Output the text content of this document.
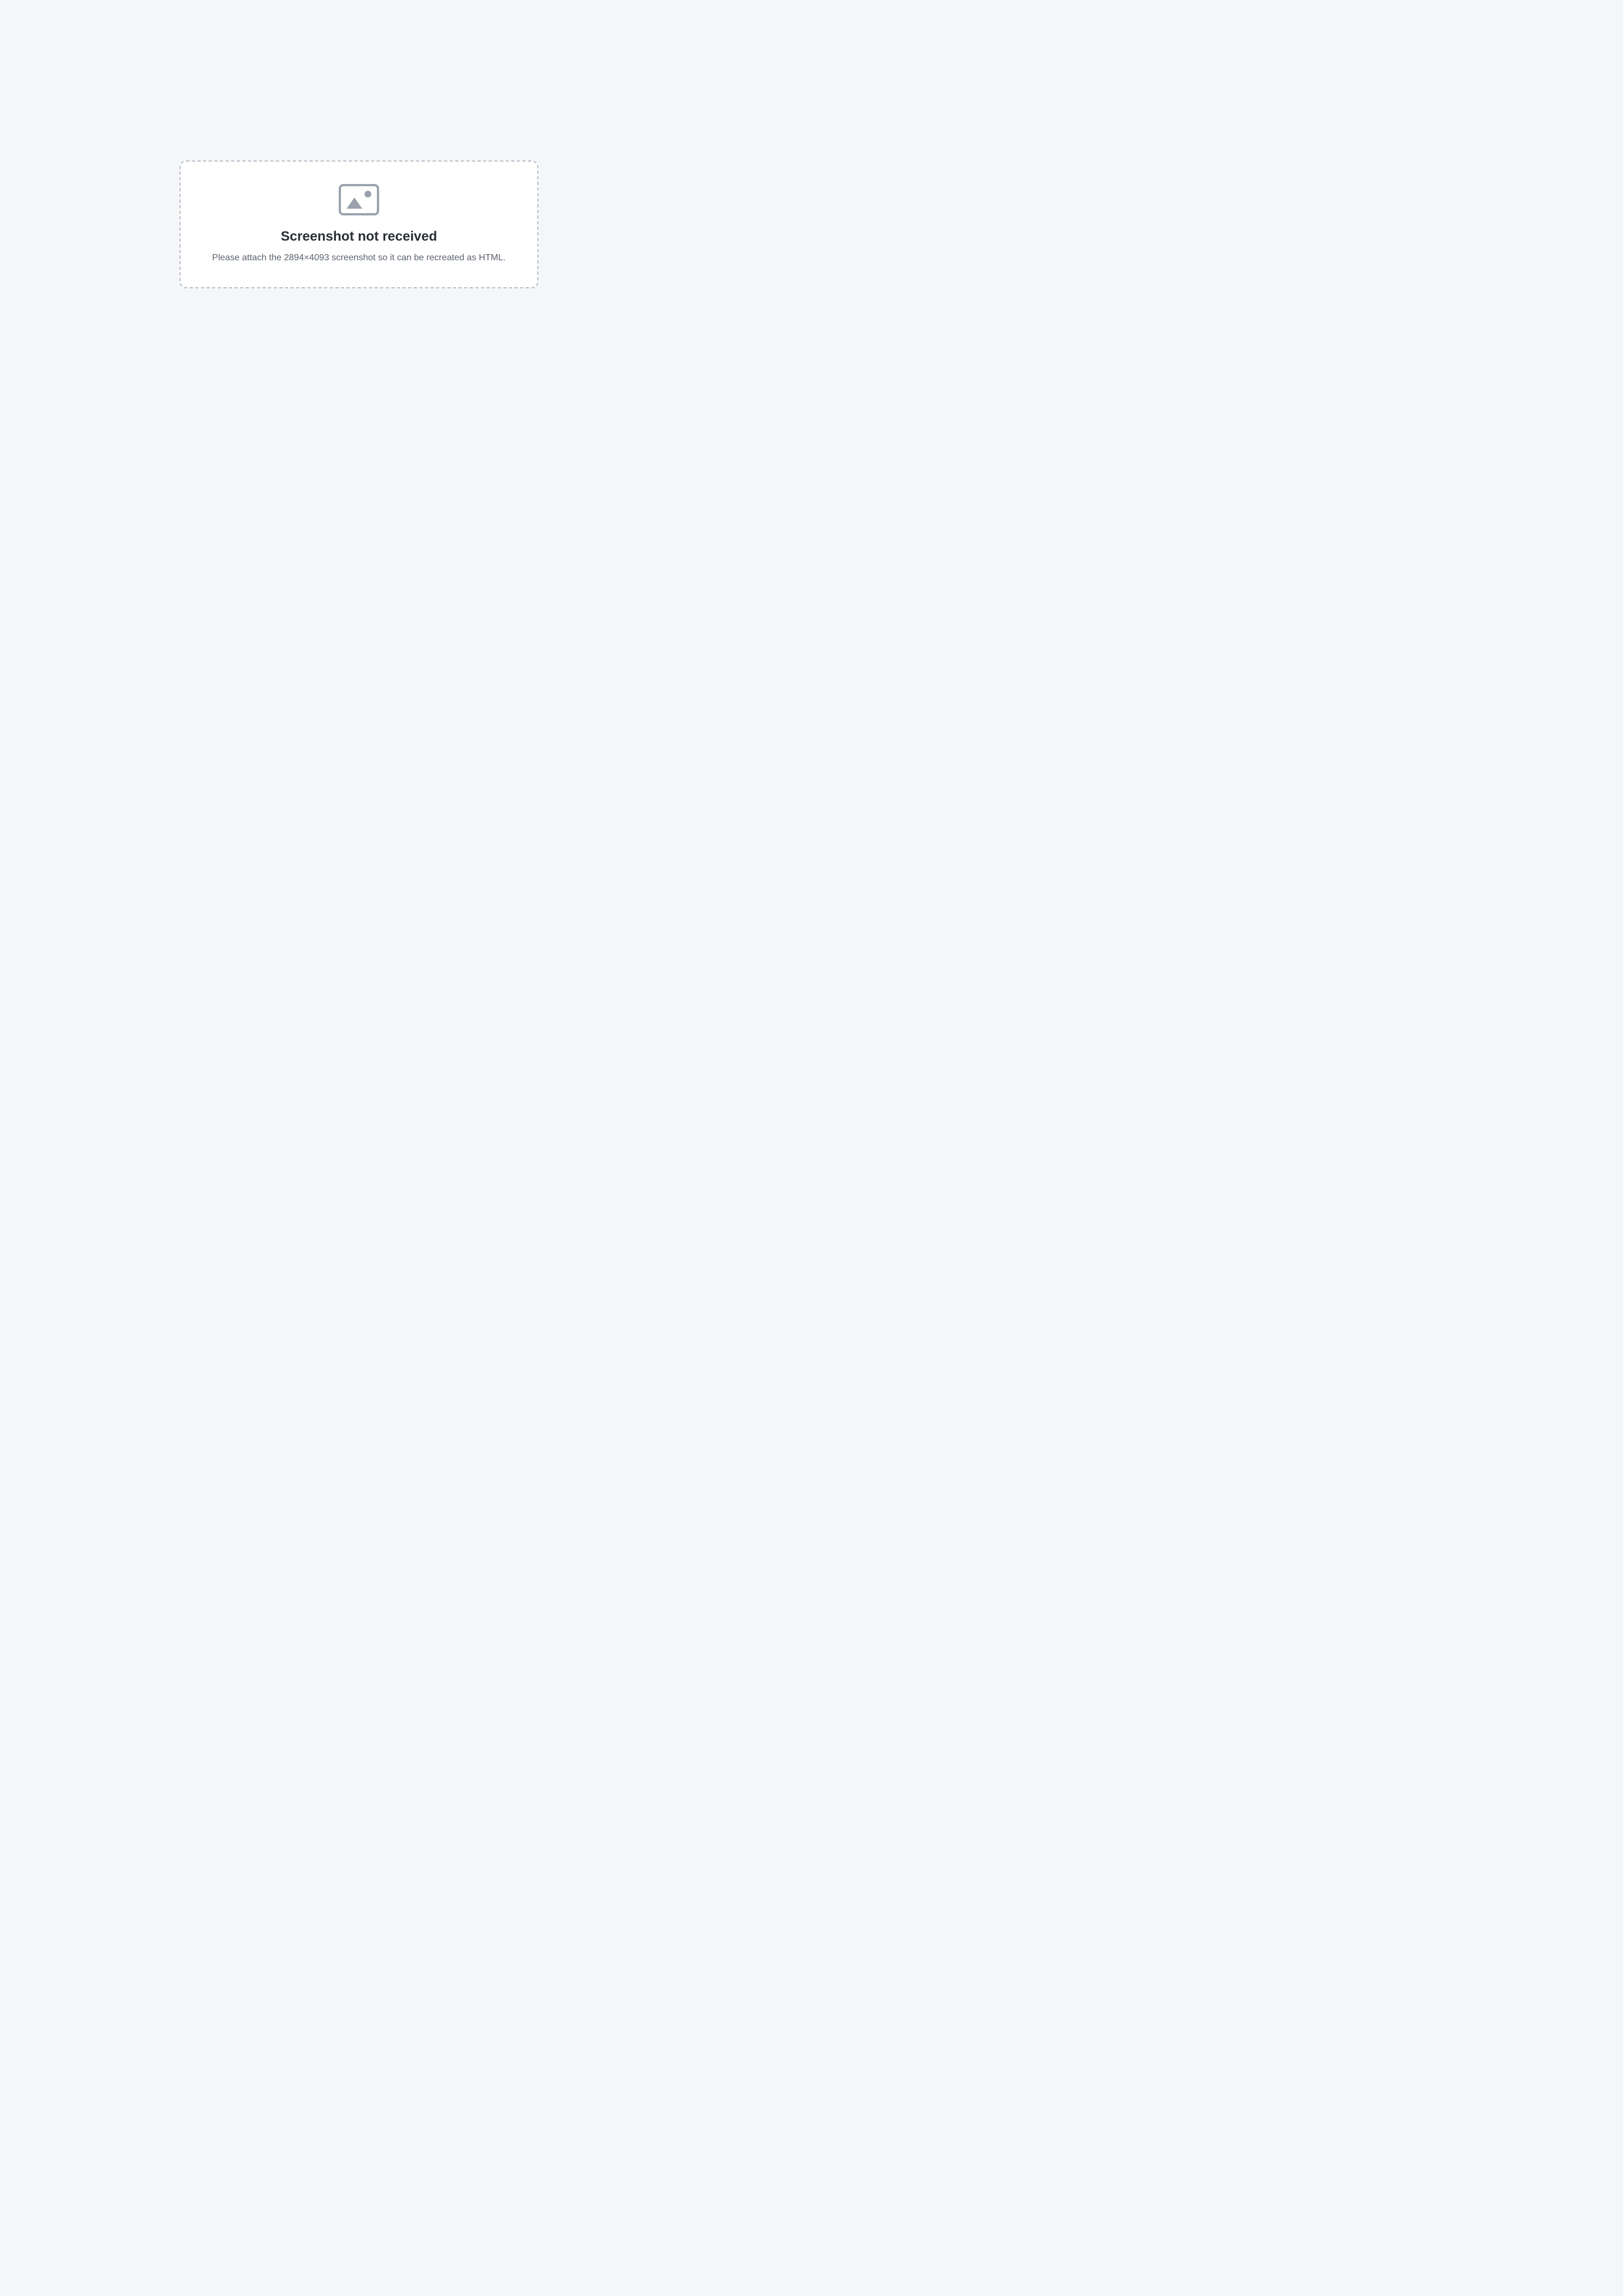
Screenshot not received

Please attach the 2894×4093 screenshot so it can be recreated as HTML.
